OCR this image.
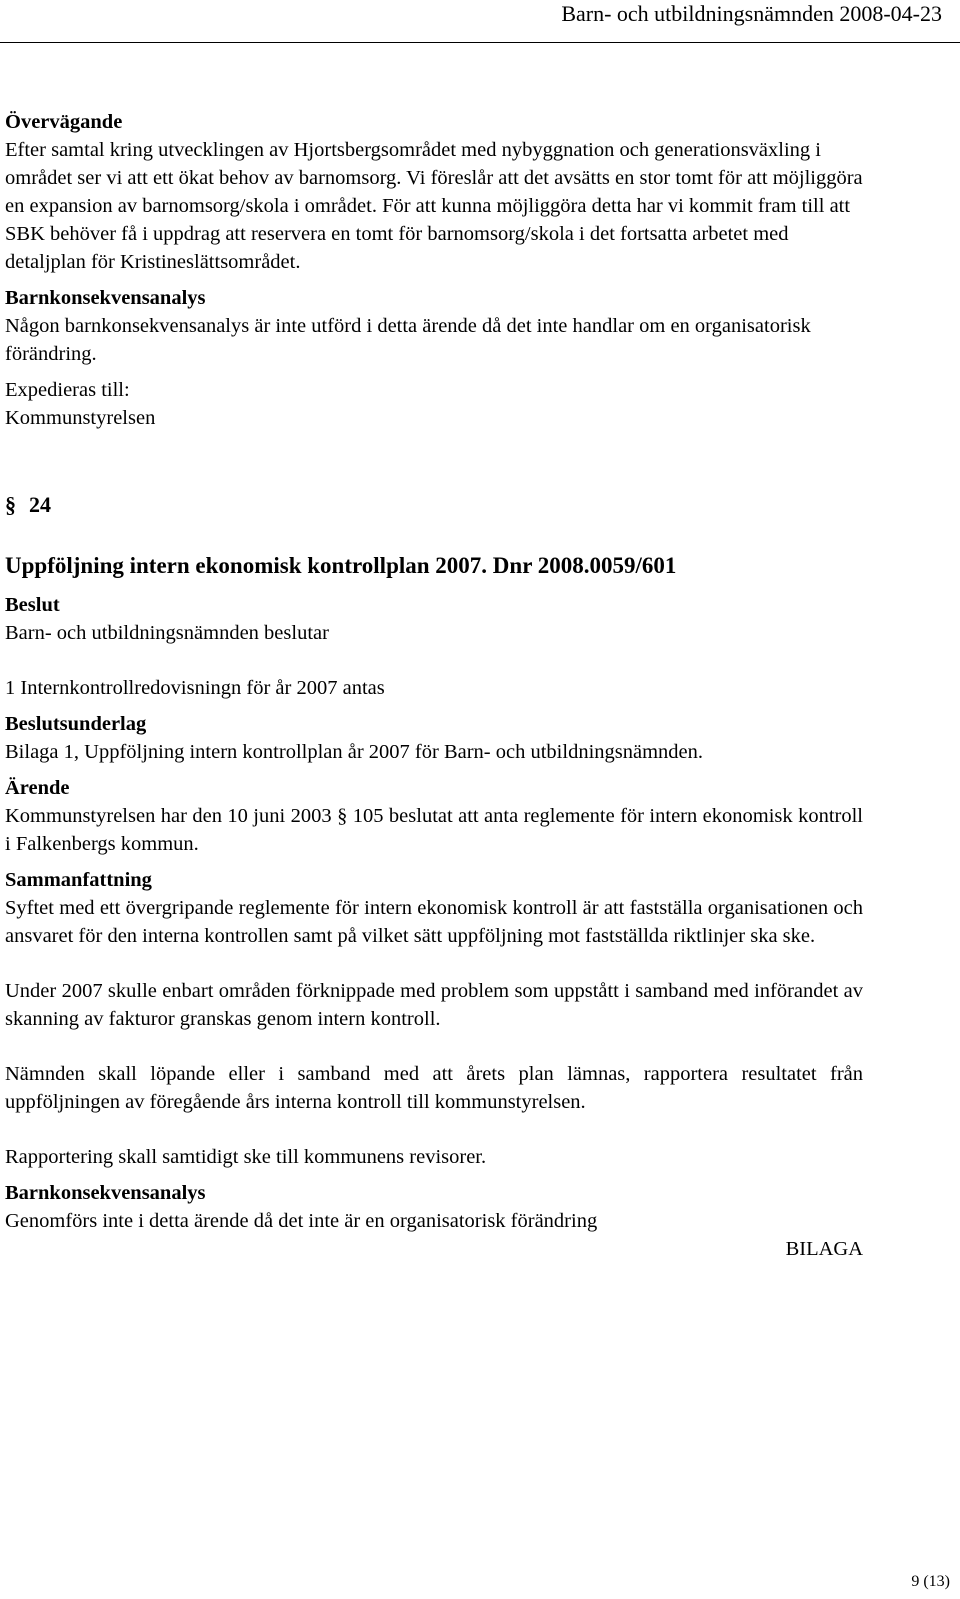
Barn- och utbildningsnämnden 2008-04-23

Övervägande

Efter samtal kring utvecklingen av Hjortsbergsområdet med nybyggnation och generationsväxling i området ser vi att ett ökat behov av barnomsorg. Vi föreslår att det avsätts en stor tomt för att möjliggöra en expansion av barnomsorg/skola i området. För att kunna möjliggöra detta har vi kommit fram till att SBK behöver få i uppdrag att reservera en tomt för barnomsorg/skola i det fortsatta arbetet med detaljplan för Kristineslättsområdet.

Barnkonsekvensanalys

Någon barnkonsekvensanalys är inte utförd i detta ärende då det inte handlar om en organisatorisk förändring.

Expedieras till:

Kommunstyrelsen

§ 24

Uppföljning intern ekonomisk kontrollplan 2007. Dnr 2008.0059/601

Beslut

Barn- och utbildningsnämnden beslutar

1 Internkontrollredovisningn för år 2007 antas

Beslutsunderlag

Bilaga 1, Uppföljning intern kontrollplan år 2007 för Barn- och utbildningsnämnden.

Ärende

Kommunstyrelsen har den 10 juni 2003 § 105 beslutat att anta reglemente för intern ekonomisk kontroll i Falkenbergs kommun.

Sammanfattning

Syftet med ett övergripande reglemente för intern ekonomisk kontroll är att fastställa organisationen och ansvaret för den interna kontrollen samt på vilket sätt uppföljning mot fastställda riktlinjer ska ske.

Under 2007 skulle enbart områden förknippade med problem som uppstått i samband med införandet av skanning av fakturor granskas genom intern kontroll.

Nämnden skall löpande eller i samband med att årets plan lämnas, rapportera resultatet från uppföljningen av föregående års interna kontroll till kommunstyrelsen.

Rapportering skall samtidigt ske till kommunens revisorer.

Barnkonsekvensanalys

Genomförs inte i detta ärende då det inte är en organisatorisk förändring

BILAGA

9 (13)
